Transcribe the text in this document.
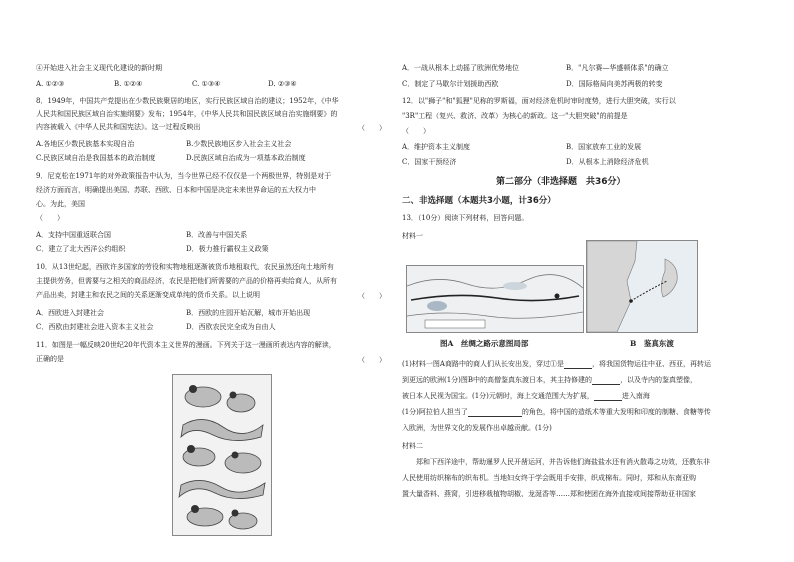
④开始进入社会主义现代化建设的新时期
A. ①②③	B. ①②④	C. ①③④	D. ②③④
8．1949年，中国共产党提出在少数民族聚居的地区，实行民族区域自治的建议；1952年，《中华
人民共和国民族区域自治实施纲要》发布；1954年，《中华人民共和国民族区域自治实施纲要》的
内容被载入《中华人民共和国宪法》。这一过程反映出	（　　）
A.各地区少数民族基本实现自治	B.少数民族地区步入社会主义社会
C.民族区域自治是我国基本的政治制度	D.民族区域自治成为一项基本政治制度
9．尼克松在1971年的对外政策报告中认为，当今世界已经不仅仅是一个两极世界，特别是对于
经济方面而言，明确提出美国、苏联、西欧、日本和中国是决定未来世界命运的五大权力中
心。为此，美国
（　　）
A．支持中国重返联合国	B．改善与中国关系
C．建立了北大西洋公约组织	D．极力推行霸权主义政策
10．从13世纪起，西欧许多国家的劳役和实物地租逐渐被货币地租取代，农民虽然还向土地所有
主提供劳务，但需要与之相关的商品经济，农民是把他们所需要的产品的价格再卖给商人，从所有
产品出卖，封建主和农民之间的关系逐渐变成单纯的货币关系。以上说明	（　　）
A．西欧进入封建社会	B．西欧的庄园开始瓦解，城市开始出现
C．西欧由封建社会进入资本主义社会	D．西欧农民完全成为自由人
11．如图是一幅反映20世纪20年代资本主义世界的漫画。下列关于这一漫画所表达内容的解读，
正确的是	（　　）
A．一战从根本上动摇了欧洲优势地位	B．"凡尔赛—华盛顿体系"的确立
C．制定了马歇尔计划援助西欧	D．国际格局向美苏两极的转变
12．以"狮子"和"狐狸"见称的罗斯福，面对经济危机时审时度势，进行大胆突破，实行以
"3R"工程（复兴、救济、改革）为核心的新政。这一"大胆突破"的前提是
（　　）
A．维护资本主义制度	B．国家放弃工业的发展
C．国家干预经济	D．从根本上消除经济危机
第二部分（非选择题　共36分）
二、非选择题（本题共3小题，计36分）
13．（10分）阅读下列材料，回答问题。
材料一
图A　丝绸之路示意图局部	B　鉴真东渡
(1)材料一图A商路中的商人们从长安出发，穿过①是	，将我国货物运往中亚、西亚，再转运
到更远的欧洲(1分)图B中的高僧鉴真东渡日本，其主持修建的	，以及寺内的鉴真塑像，
被日本人民视为国宝。(1分)元朝时，海上交通范围大为扩展，	进入南海
(1分)阿拉伯人担当了	的角色，将中国的造纸术等重大发明和印度的制糖、食糖等传
入欧洲，为世界文化的发展作出卓越贡献。(1分)
材料二
　　郑和下西洋途中，帮助暹罗人民开凿运河，并告诉他们海盐盐水还有消火散毒之功效，还教东非
人民使用纺织棉布的织布机。当地妇女终于学会既用手安排，织成棉布。同时，郑和从东南亚购
置大量香料、燕窝，引进移栽植物胡椒、龙涎香等……郑和使团在海外直接或间接帮助亚非国家
